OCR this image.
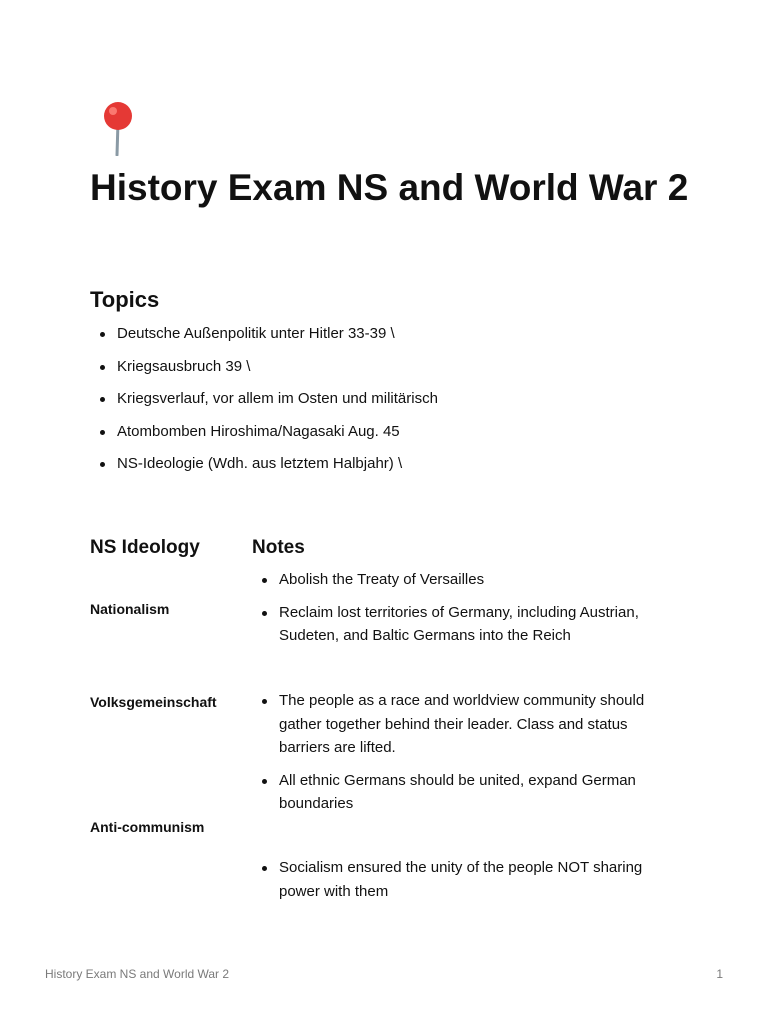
History Exam NS and World War 2
Topics
Deutsche Außenpolitik unter Hitler 33-39 \
Kriegsausbruch 39 \
Kriegsverlauf, vor allem im Osten und militärisch
Atombomben Hiroshima/Nagasaki Aug. 45
NS-Ideologie (Wdh. aus letztem Halbjahr) \
NS Ideology	Notes
Nationalism
Volksgemeinschaft
Anti-communism
Abolish the Treaty of Versailles
Reclaim lost territories of Germany, including Austrian, Sudeten, and Baltic Germans into the Reich
The people as a race and worldview community should gather together behind their leader. Class and status barriers are lifted.
All ethnic Germans should be united, expand German boundaries
Socialism ensured the unity of the people NOT sharing power with them
History Exam NS and World War 2	1
